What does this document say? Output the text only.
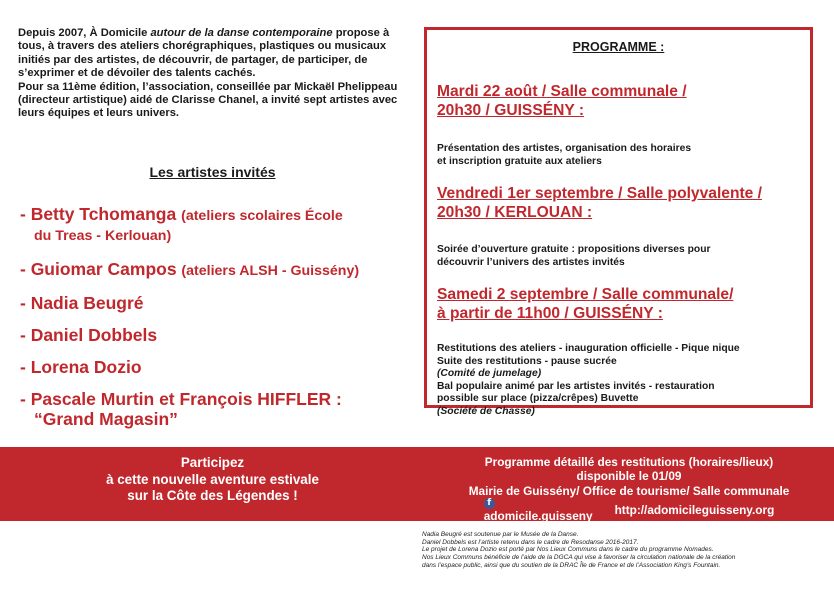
Depuis 2007, À Domicile autour de la danse contemporaine propose à tous, à travers des ateliers chorégraphiques, plastiques ou musicaux initiés par des artistes, de découvrir, de partager, de participer, de s’exprimer et de dévoiler des talents cachés.

Pour sa 11ème édition, l’association, conseillée par Mickaël Phelippeau (directeur artistique) aidé de Clarisse Chanel, a invité sept artistes avec leurs équipes et leurs univers.

Les artistes invités
- Betty Tchomanga (ateliers scolaires École
du Treas - Kerlouan)
- Guiomar Campos (ateliers ALSH - Guissény)
- Nadia Beugré
- Daniel Dobbels
- Lorena Dozio
- Pascale Murtin et François HIFFLER :
“Grand Magasin”
PROGRAMME :
Mardi 22 août / Salle communale /
20h30 / GUISSÉNY :
Présentation des artistes, organisation des horaires
et inscription gratuite aux ateliers
Vendredi 1er septembre / Salle polyvalente /
20h30 / KERLOUAN :
Soirée d’ouverture gratuite : propositions diverses pour
découvrir l’univers des artistes invités
Samedi 2 septembre / Salle communale/
à partir de 11h00 / GUISSÉNY :
Restitutions des ateliers - inauguration officielle - Pique nique
Suite des restitutions - pause sucrée
(Comité de jumelage)
Bal populaire animé par les artistes invités - restauration
possible sur place (pizza/crêpes) Buvette
(Société de Chasse)
Participez
à cette nouvelle aventure estivale
sur la Côte des Légendes !
Programme détaillé des restitutions (horaires/lieux)
disponible le 01/09
Mairie de Guissény/ Office de tourisme/ Salle communale
f
adomicile.guisseny http://adomicileguisseny.org
Nadia Beugré est soutenue par le Musée de la Danse.
Daniel Dobbels est l’artiste retenu dans le cadre de Resodanse 2016-2017.
Le projet de Lorena Dozio est porté par Nos Lieux Communs dans le cadre du programme Nomades.
Nos Lieux Communs bénéficie de l’aide de la DGCA qui vise à favoriser la circulation nationale de la création
dans l’espace public, ainsi que du soutien de la DRAC Île de France et de l’Association King’s Fountain.
